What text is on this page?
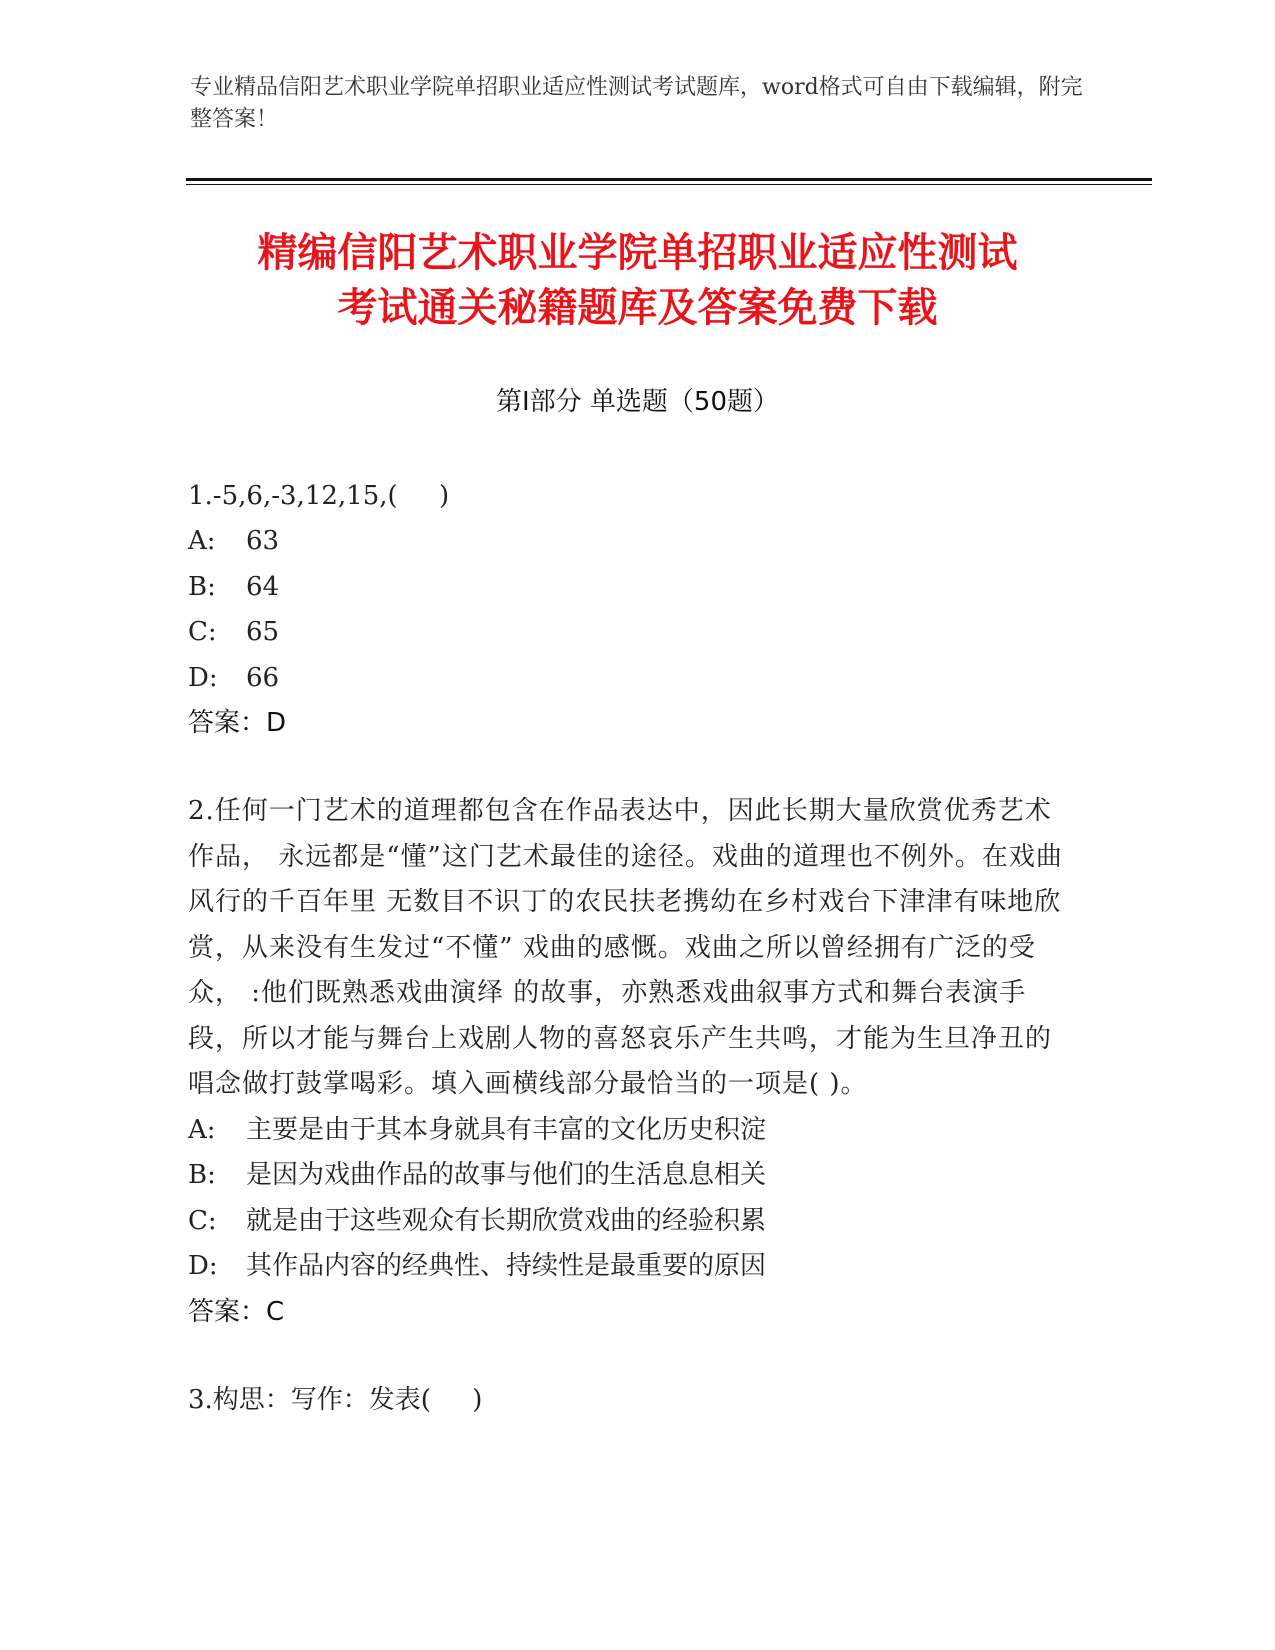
专业精品信阳艺术职业学院单招职业适应性测试考试题库，word格式可自由下载编辑，附完整答案！
精编信阳艺术职业学院单招职业适应性测试
考试通关秘籍题库及答案免费下载
第Ⅰ部分 单选题（50题）
1.-5,6,-3,12,15,(     )
A: 63
B: 64
C: 65
D: 66
答案：D
2.任何一门艺术的道理都包含在作品表达中，因此长期大量欣赏优秀艺术作品， 永远都是“懂”这门艺术最佳的途径。戏曲的道理也不例外。在戏曲风行的千百年里 无数目不识丁的农民扶老携幼在乡村戏台下津津有味地欣赏，从来没有生发过“不懂” 戏曲的感慨。戏曲之所以曾经拥有广泛的受众， :他们既熟悉戏曲演绎 的故事，亦熟悉戏曲叙事方式和舞台表演手段，所以才能与舞台上戏剧人物的喜怒哀乐产生共鸣，才能为生旦净丑的唱念做打鼓掌喝彩。填入画横线部分最恰当的一项是( )。
A: 主要是由于其本身就具有丰富的文化历史积淀
B: 是因为戏曲作品的故事与他们的生活息息相关
C: 就是由于这些观众有长期欣赏戏曲的经验积累
D: 其作品内容的经典性、持续性是最重要的原因
答案：C
3.构思：写作：发表(     )
